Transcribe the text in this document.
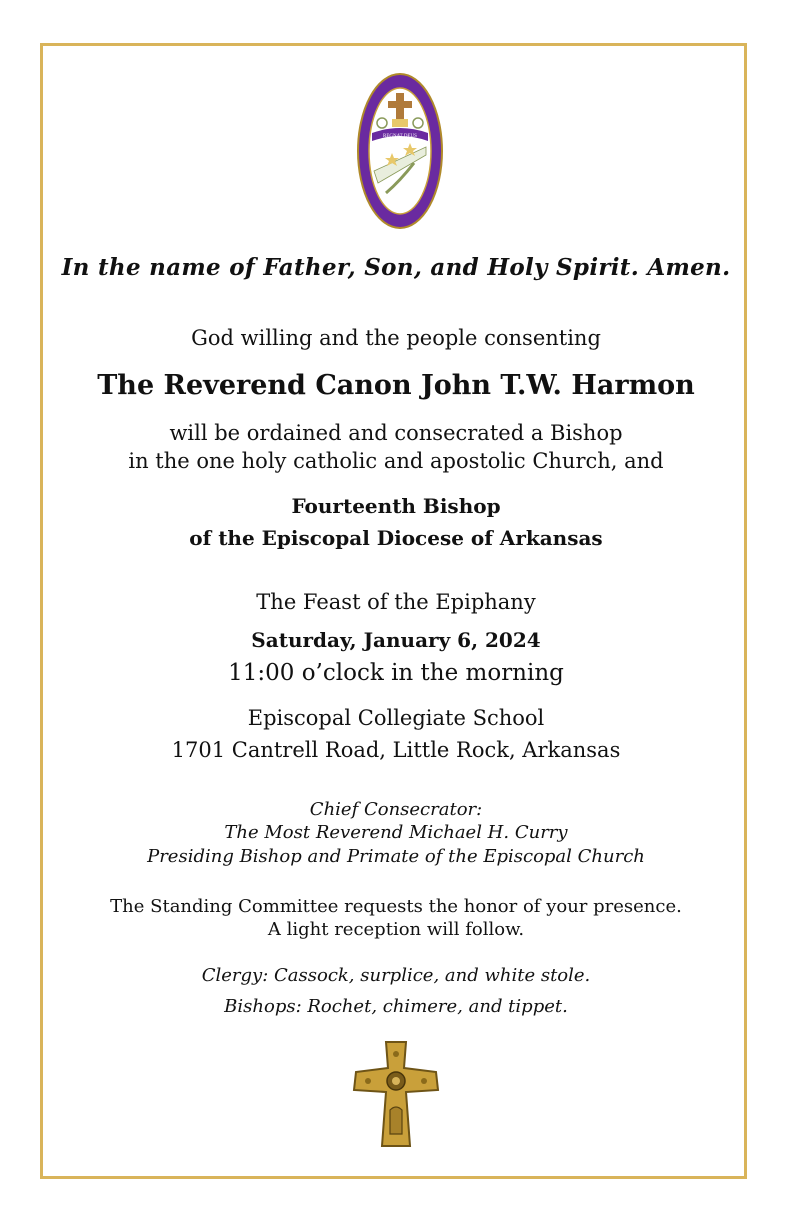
REGNAT DEUS
In the name of Father, Son, and Holy Spirit. Amen.
God willing and the people consenting
The Reverend Canon John T.W. Harmon
will be ordained and consecrated a Bishop
in the one holy catholic and apostolic Church, and
Fourteenth Bishop
of the Episcopal Diocese of Arkansas
The Feast of the Epiphany
Saturday, January 6, 2024
11:00 o’clock in the morning
Episcopal Collegiate School
1701 Cantrell Road, Little Rock, Arkansas
Chief Consecrator:
The Most Reverend Michael H. Curry
Presiding Bishop and Primate of the Episcopal Church
The Standing Committee requests the honor of your presence.
A light reception will follow.
Clergy: Cassock, surplice, and white stole.
Bishops: Rochet, chimere, and tippet.
